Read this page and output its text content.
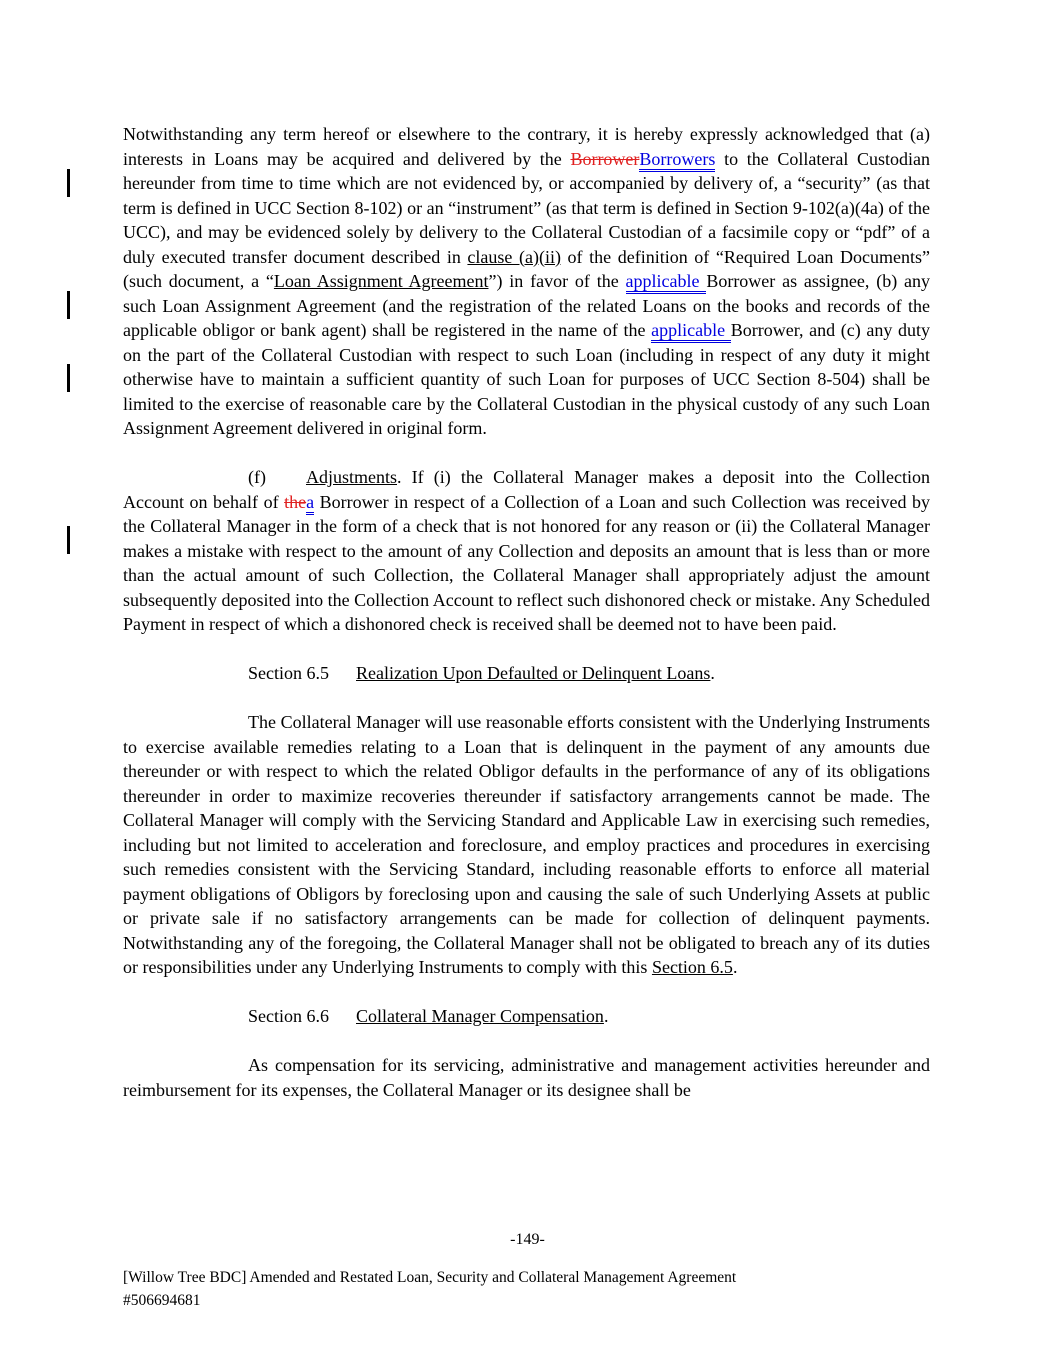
Notwithstanding any term hereof or elsewhere to the contrary, it is hereby expressly acknowledged that (a) interests in Loans may be acquired and delivered by the BorrowerBorrowers to the Collateral Custodian hereunder from time to time which are not evidenced by, or accompanied by delivery of, a “security” (as that term is defined in UCC Section 8-102) or an “instrument” (as that term is defined in Section 9-102(a)(4a) of the UCC), and may be evidenced solely by delivery to the Collateral Custodian of a facsimile copy or “pdf” of a duly executed transfer document described in clause (a)(ii) of the definition of “Required Loan Documents” (such document, a “Loan Assignment Agreement”) in favor of the applicable Borrower as assignee, (b) any such Loan Assignment Agreement (and the registration of the related Loans on the books and records of the applicable obligor or bank agent) shall be registered in the name of the applicable Borrower, and (c) any duty on the part of the Collateral Custodian with respect to such Loan (including in respect of any duty it might otherwise have to maintain a sufficient quantity of such Loan for purposes of UCC Section 8-504) shall be limited to the exercise of reasonable care by the Collateral Custodian in the physical custody of any such Loan Assignment Agreement delivered in original form.

(f) Adjustments. If (i) the Collateral Manager makes a deposit into the Collection Account on behalf of thea Borrower in respect of a Collection of a Loan and such Collection was received by the Collateral Manager in the form of a check that is not honored for any reason or (ii) the Collateral Manager makes a mistake with respect to the amount of any Collection and deposits an amount that is less than or more than the actual amount of such Collection, the Collateral Manager shall appropriately adjust the amount subsequently deposited into the Collection Account to reflect such dishonored check or mistake. Any Scheduled Payment in respect of which a dishonored check is received shall be deemed not to have been paid.

Section 6.5 Realization Upon Defaulted or Delinquent Loans.

The Collateral Manager will use reasonable efforts consistent with the Underlying Instruments to exercise available remedies relating to a Loan that is delinquent in the payment of any amounts due thereunder or with respect to which the related Obligor defaults in the performance of any of its obligations thereunder in order to maximize recoveries thereunder if satisfactory arrangements cannot be made. The Collateral Manager will comply with the Servicing Standard and Applicable Law in exercising such remedies, including but not limited to acceleration and foreclosure, and employ practices and procedures in exercising such remedies consistent with the Servicing Standard, including reasonable efforts to enforce all material payment obligations of Obligors by foreclosing upon and causing the sale of such Underlying Assets at public or private sale if no satisfactory arrangements can be made for collection of delinquent payments. Notwithstanding any of the foregoing, the Collateral Manager shall not be obligated to breach any of its duties or responsibilities under any Underlying Instruments to comply with this Section 6.5.

Section 6.6 Collateral Manager Compensation.

As compensation for its servicing, administrative and management activities hereunder and reimbursement for its expenses, the Collateral Manager or its designee shall be

-149-
[Willow Tree BDC] Amended and Restated Loan, Security and Collateral Management Agreement
#506694681
